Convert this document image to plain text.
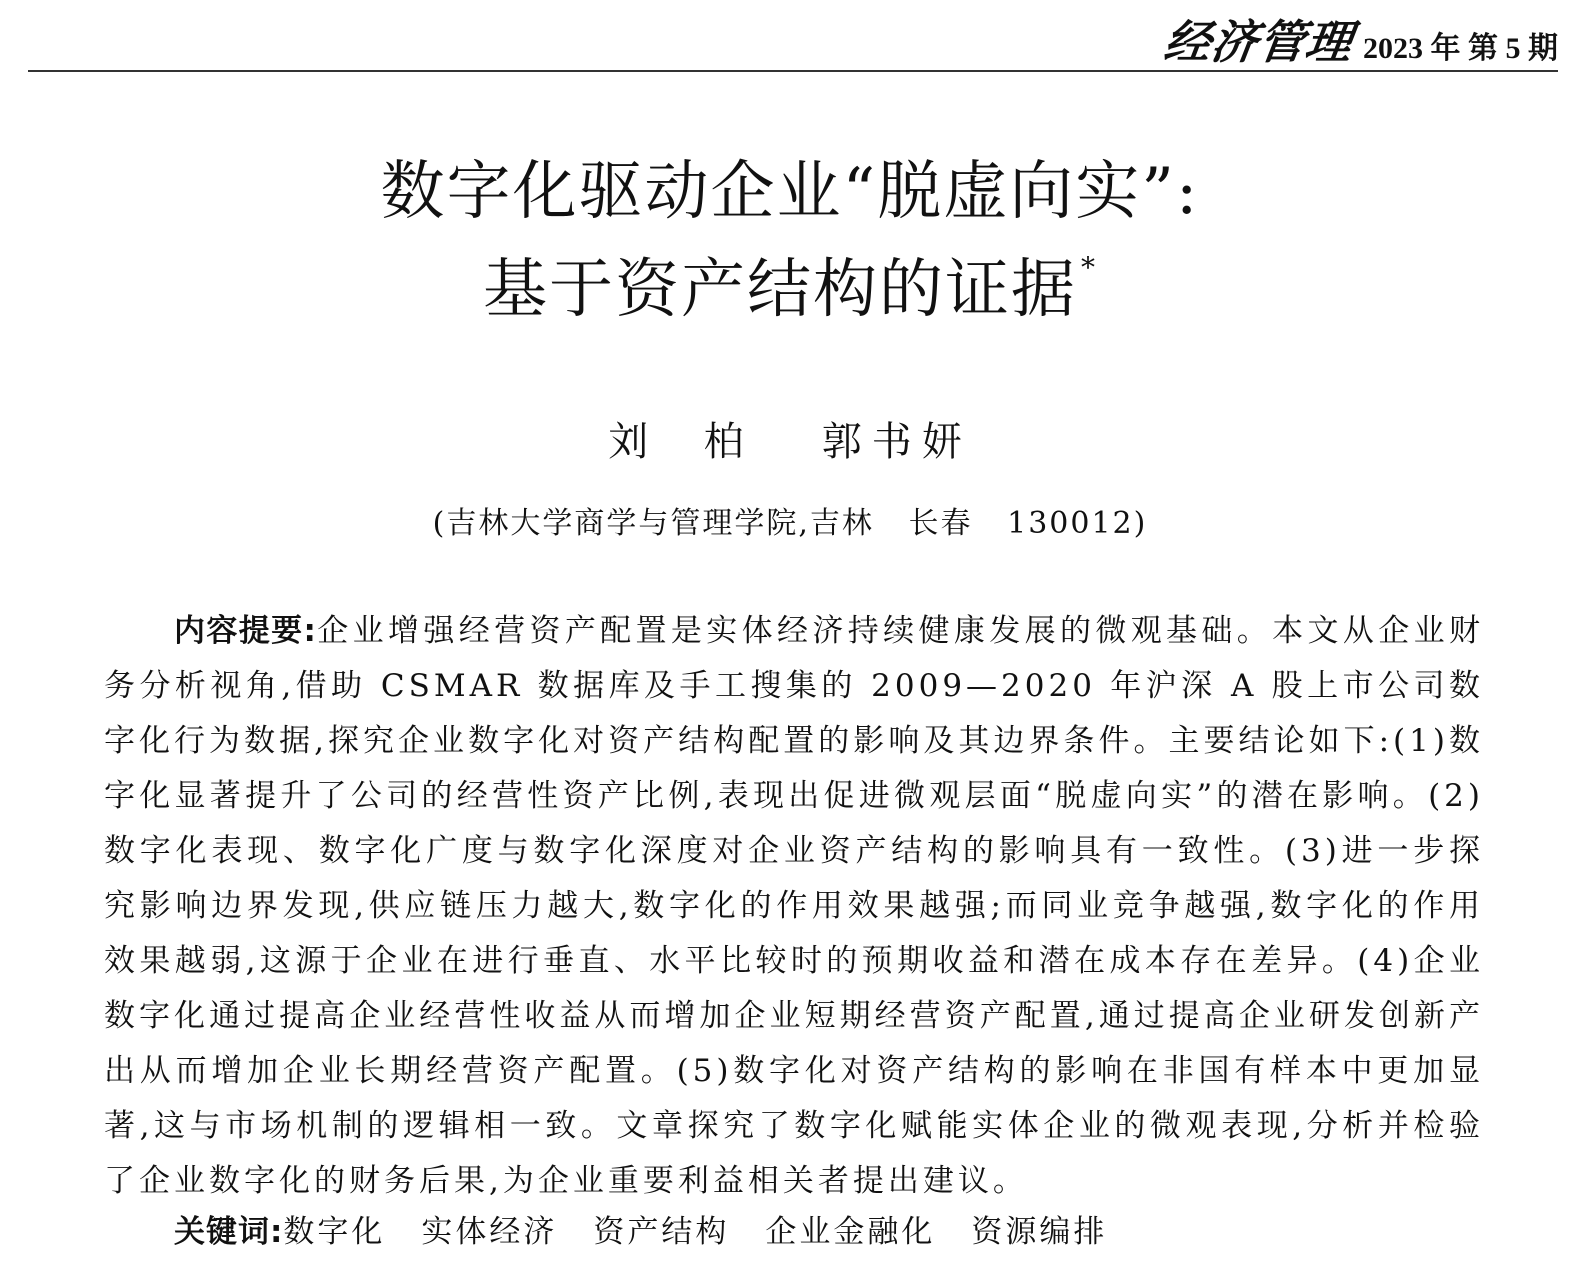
经济管理 2023 年 第 5 期
数字化驱动企业“脱虚向实”:
基于资产结构的证据 *
刘  柏   郭书妍
(吉林大学商学与管理学院,吉林   长春   130012)
内容提要:企业增强经营资产配置是实体经济持续健康发展的微观基础。本文从企业财务分析视角,借助 CSMAR 数据库及手工搜集的 2009—2020 年沪深 A 股上市公司数字化行为数据,探究企业数字化对资产结构配置的影响及其边界条件。主要结论如下:(1)数字化显著提升了公司的经营性资产比例,表现出促进微观层面“脱虚向实”的潜在影响。(2)数字化表现、数字化广度与数字化深度对企业资产结构的影响具有一致性。(3)进一步探究影响边界发现,供应链压力越大,数字化的作用效果越强;而同业竞争越强,数字化的作用效果越弱,这源于企业在进行垂直、水平比较时的预期收益和潜在成本存在差异。(4)企业数字化通过提高企业经营性收益从而增加企业短期经营资产配置,通过提高企业研发创新产出从而增加企业长期经营资产配置。(5)数字化对资产结构的影响在非国有样本中更加显著,这与市场机制的逻辑相一致。文章探究了数字化赋能实体企业的微观表现,分析并检验了企业数字化的财务后果,为企业重要利益相关者提出建议。
关键词:数字化 实体经济 资产结构 企业金融化 资源编排
